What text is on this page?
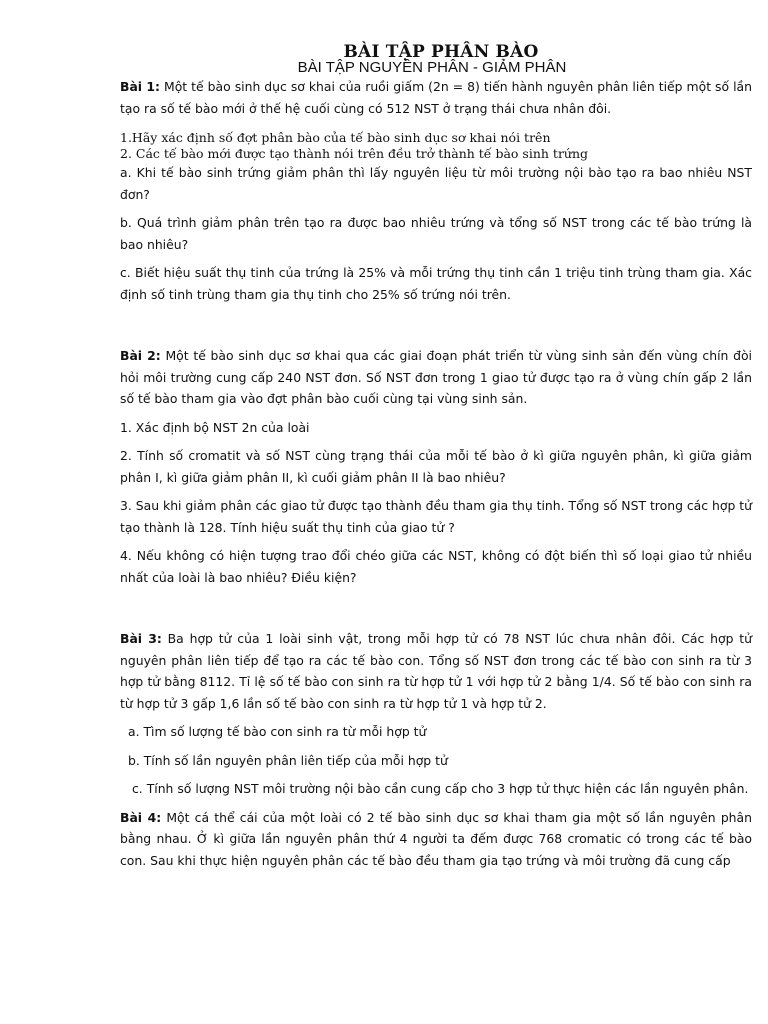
BÀI TẬP PHÂN BÀO
BÀI TẬP NGUYÊN PHÂN - GIẢM PHÂN

Bài 1: Một tế bào sinh dục sơ khai của ruồi giấm (2n = 8) tiến hành nguyên phân liên tiếp một số lần tạo ra số tế bào mới ở thế hệ cuối cùng có 512 NST ở trạng thái chưa nhân đôi.

1.Hãy xác định số đợt phân bào của tế bào sinh dục sơ khai nói trên
2. Các tế bào mới được tạo thành nói trên đều trở thành tế bào sinh trứng

a. Khi tế bào sinh trứng giảm phân thì lấy nguyên liệu từ môi trường nội bào tạo ra bao nhiêu NST đơn?

b. Quá trình giảm phân trên tạo ra được bao nhiêu trứng và tổng số NST trong các tế bào trứng là bao nhiêu?

c. Biết hiệu suất thụ tinh của trứng là 25% và mỗi trứng thụ tinh cần 1 triệu tinh trùng tham gia. Xác định số tinh trùng tham gia thụ tinh cho 25% số trứng nói trên.

Bài 2: Một tế bào sinh dục sơ khai qua các giai đoạn phát triển từ vùng sinh sản đến vùng chín đòi hỏi môi trường cung cấp 240 NST đơn. Số NST đơn trong 1 giao tử được tạo ra ở vùng chín gấp 2 lần số tế bào tham gia vào đợt phân bào cuối cùng tại vùng sinh sản.

1. Xác định bộ NST 2n của loài

2. Tính số cromatit và số NST cùng trạng thái của mỗi tế bào ở kì giữa nguyên phân, kì giữa giảm phân I, kì giữa giảm phân II, kì cuối giảm phân II là bao nhiêu?

3. Sau khi giảm phân các giao tử được tạo thành đều tham gia thụ tinh. Tổng số NST trong các hợp tử tạo thành là 128. Tính hiệu suất thụ tinh của giao tử ?

4. Nếu không có hiện tượng trao đổi chéo giữa các NST, không có đột biến thì số loại giao tử nhiều nhất của loài là bao nhiêu? Điều kiện?

Bài 3: Ba hợp tử của 1 loài sinh vật, trong mỗi hợp tử có 78 NST lúc chưa nhân đôi. Các hợp tử nguyên phân liên tiếp để tạo ra các tế bào con. Tổng số NST đơn trong các tế bào con sinh ra từ 3 hợp tử bằng 8112. Tỉ lệ số tế bào con sinh ra từ hợp tử 1 với hợp tử 2 bằng 1/4. Số tế bào con sinh ra từ hợp tử 3 gấp 1,6 lần số tế bào con sinh ra từ hợp tử 1 và hợp tử 2.

a. Tìm số lượng tế bào con sinh ra từ mỗi hợp tử

b. Tính số lần nguyên phân liên tiếp của mỗi hợp tử

c. Tính số lượng NST môi trường nội bào cần cung cấp cho 3 hợp tử thực hiện các lần nguyên phân.

Bài 4: Một cá thể cái của một loài có 2 tế bào sinh dục sơ khai tham gia một số lần nguyên phân bằng nhau. Ở kì giữa lần nguyên phân thứ 4 người ta đếm được 768 cromatic có trong các tế bào con. Sau khi thực hiện nguyên phân các tế bào đều tham gia tạo trứng và môi trường đã cung cấp
